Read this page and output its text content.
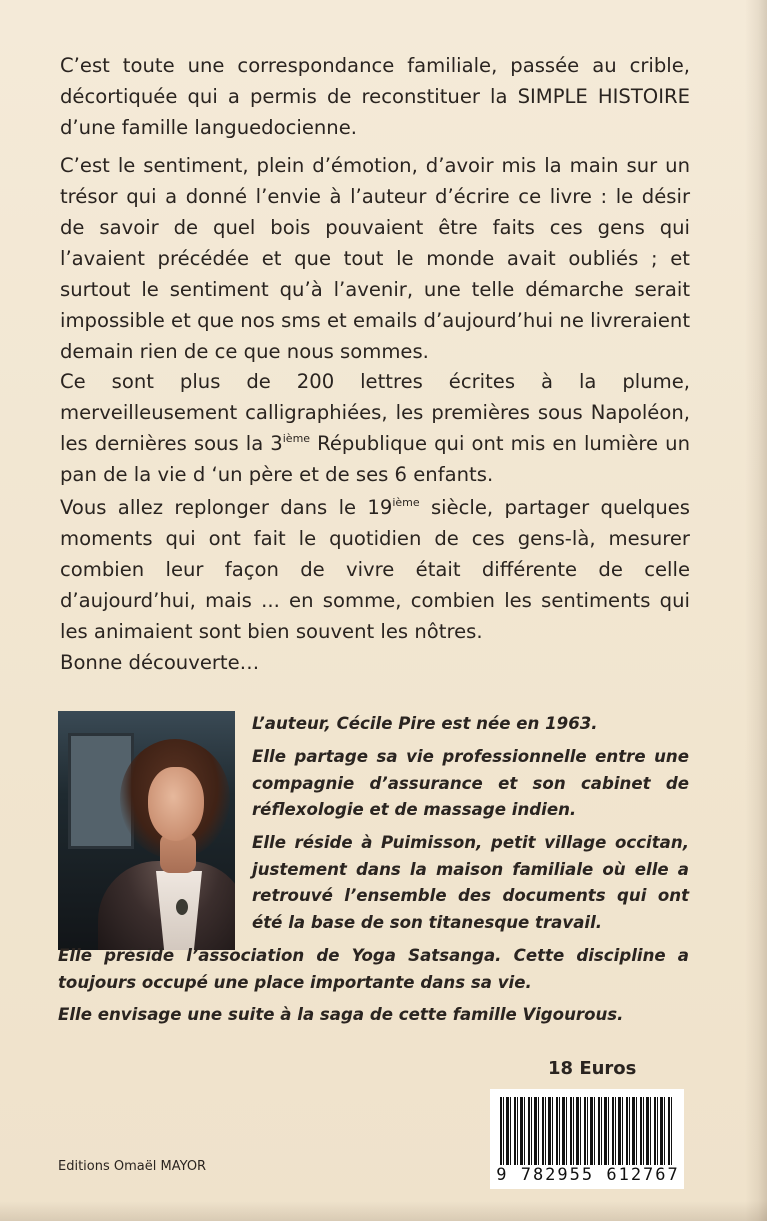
C’est toute une correspondance familiale, passée au crible, décortiquée qui a permis de reconstituer la SIMPLE HISTOIRE d’une famille languedocienne.

C’est le sentiment, plein d’émotion, d’avoir mis la main sur un trésor qui a donné l’envie à l’auteur d’écrire ce livre : le désir de savoir de quel bois pouvaient être faits ces gens qui l’avaient précédée et que tout le monde avait oubliés ; et surtout le sentiment qu’à l’avenir, une telle démarche serait impossible et que nos sms et emails d’aujourd’hui ne livreraient demain rien de ce que nous sommes.

Ce sont plus de 200 lettres écrites à la plume, merveilleusement calligraphiées, les premières sous Napoléon, les dernières sous la 3ième République qui ont mis en lumière un pan de la vie d ‘un père et de ses 6 enfants.

Vous allez replonger dans le 19ième siècle, partager quelques moments qui ont fait le quotidien de ces gens-là, mesurer combien leur façon de vivre était différente de celle d’aujourd’hui, mais ... en somme, combien les sentiments qui les animaient sont bien souvent les nôtres.

Bonne découverte…

L’auteur, Cécile Pire est née en 1963.

Elle partage sa vie professionnelle entre une compagnie d’assurance et son cabinet de réflexologie et de massage indien.

Elle réside à Puimisson, petit village occitan, justement dans la maison familiale où elle a retrouvé l’ensemble des documents qui ont été la base de son titanesque travail.

Elle préside l’association de Yoga Satsanga. Cette discipline a toujours occupé une place importante dans sa vie.

Elle envisage une suite à la saga de cette famille Vigourous.

18 Euros
9 782955 612767
Editions Omaël MAYOR
